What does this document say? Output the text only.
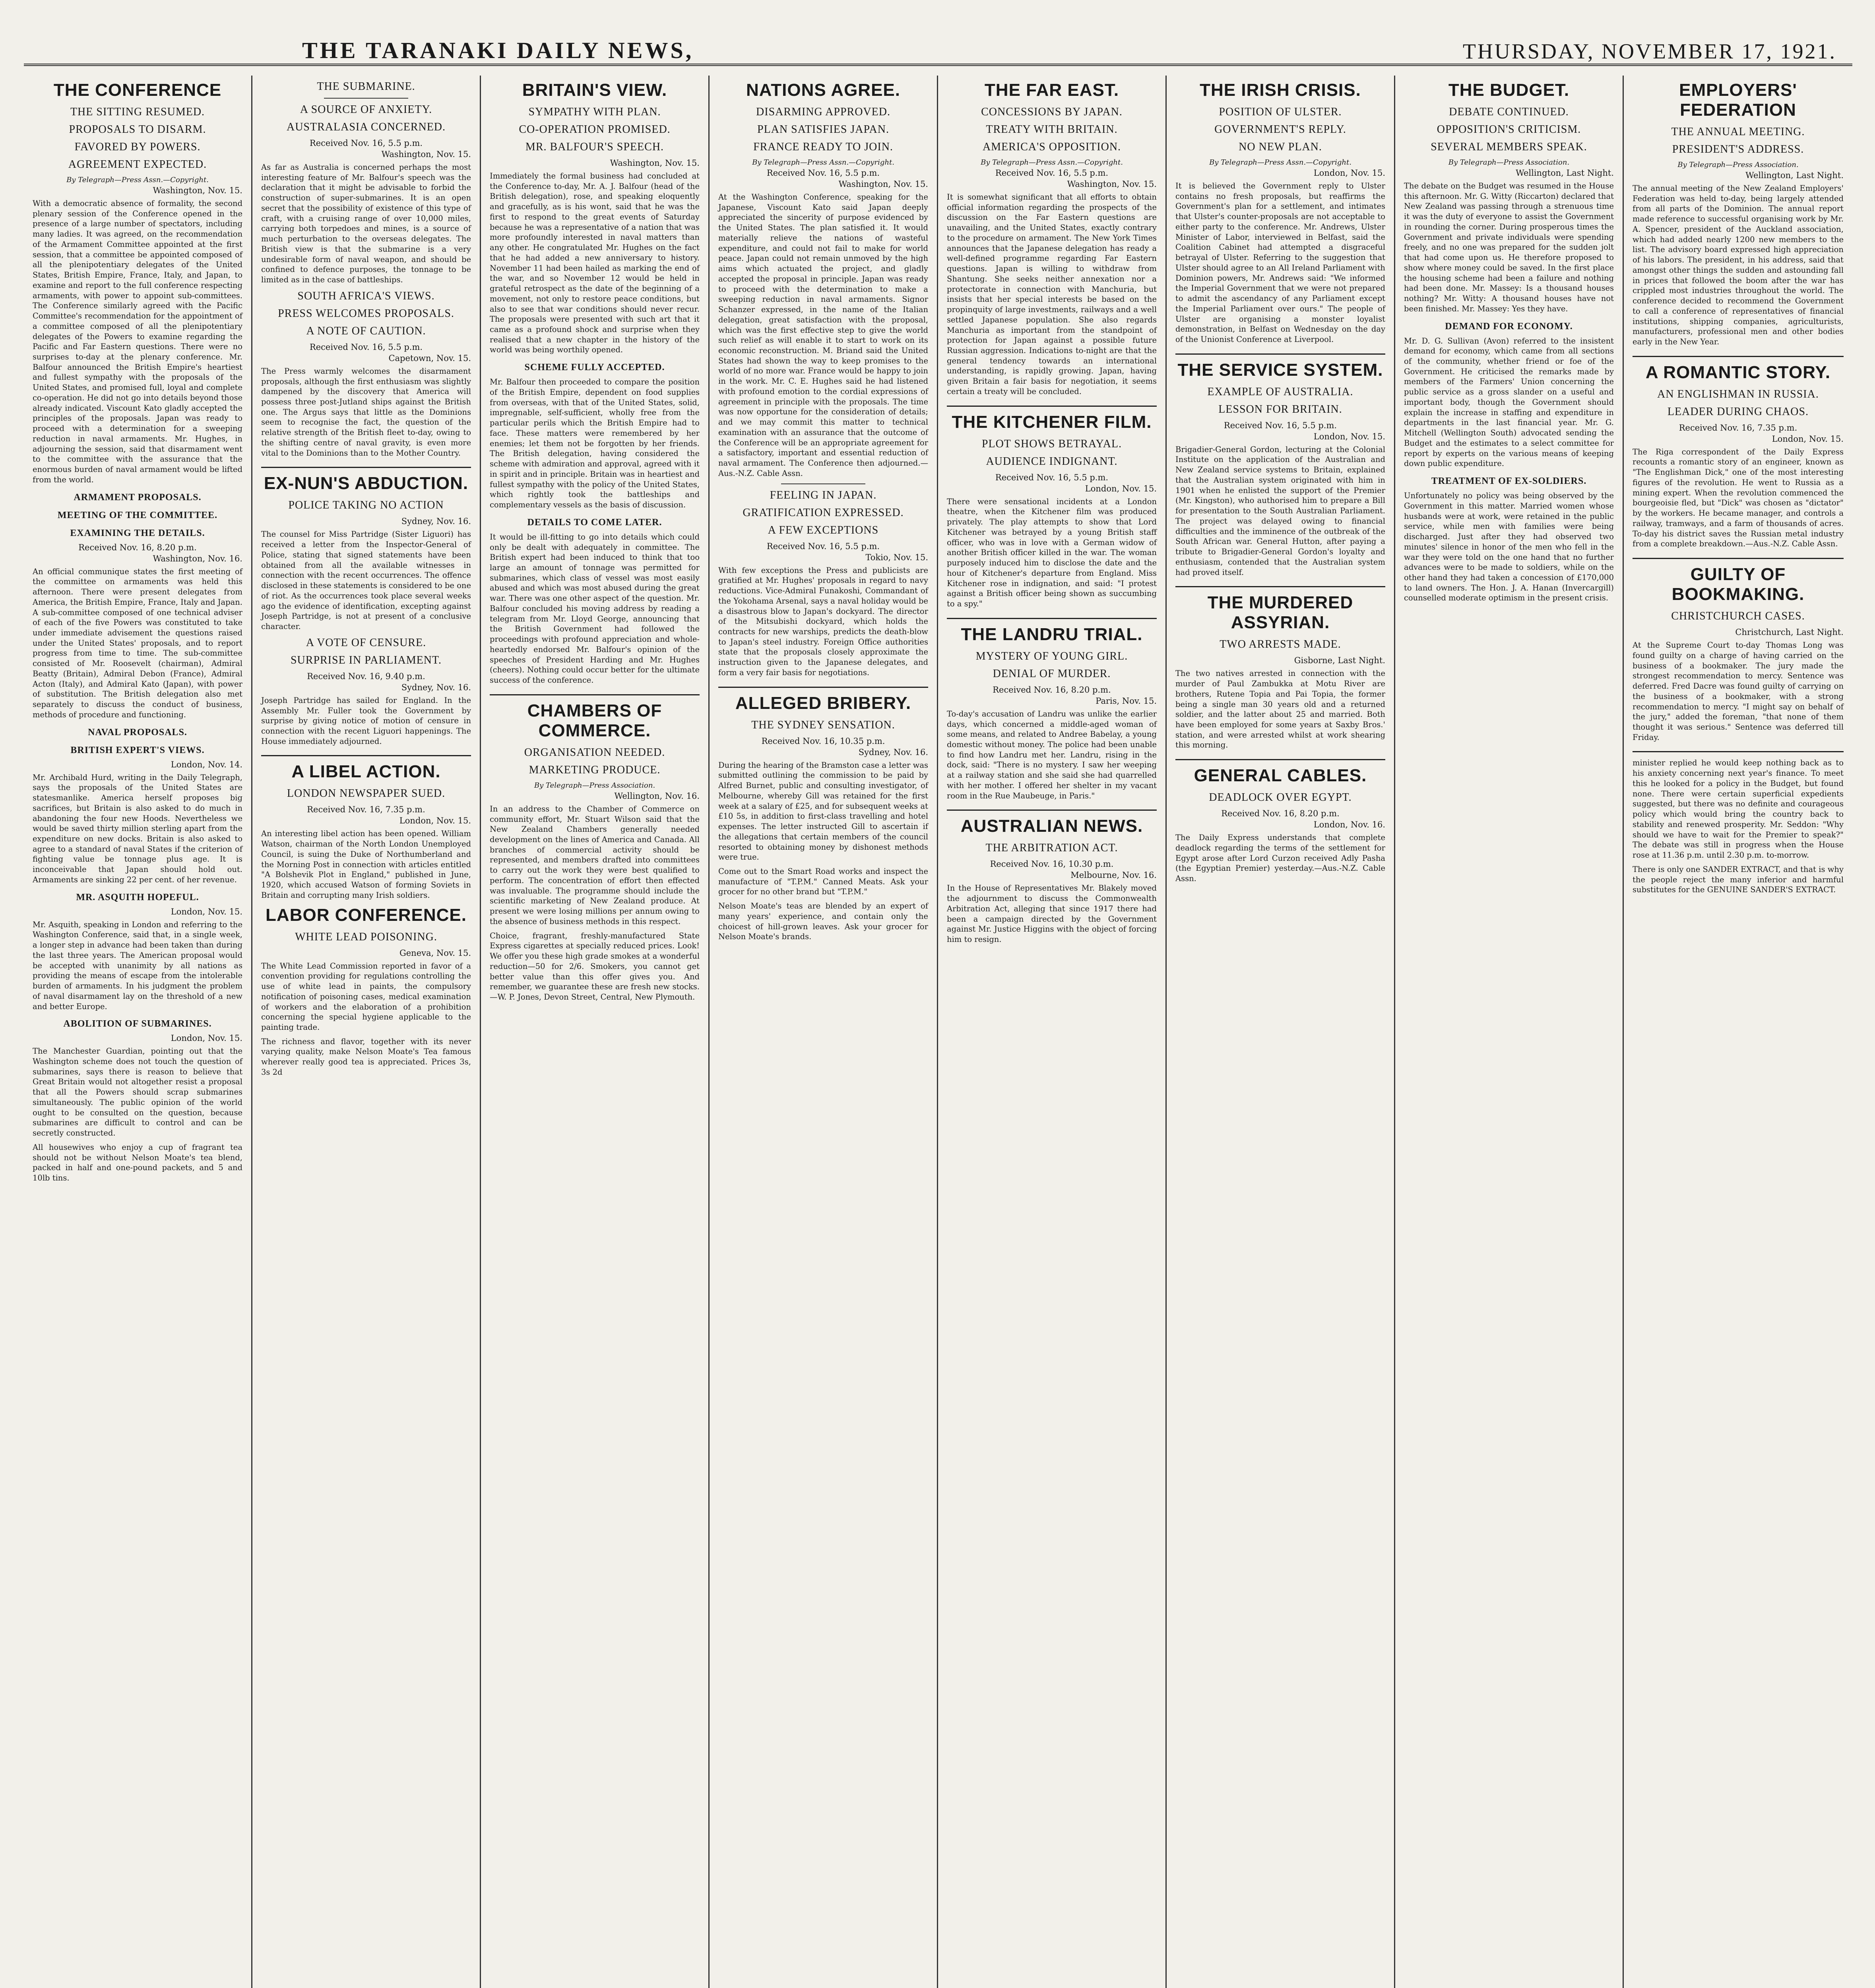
THE TARANAKI DAILY NEWS,	THURSDAY, NOVEMBER 17, 1921.
THE CONFERENCE
THE SITTING RESUMED.
PROPOSALS TO DISARM.
FAVORED BY POWERS.
AGREEMENT EXPECTED.
By Telegraph—Press Assn.—Copyright.
Washington, Nov. 15.

With a democratic absence of formality, the second plenary session of the Conference opened in the presence of a large number of spectators, including many ladies. It was agreed, on the recommendation of the Armament Committee appointed at the first session, that a committee be appointed composed of all the plenipotentiary delegates of the United States, British Empire, France, Italy, and Japan, to examine and report to the full conference respecting armaments, with power to appoint sub-committees. The Conference similarly agreed with the Pacific Committee's recommendation for the appointment of a committee composed of all the plenipotentiary delegates of the Powers to examine regarding the Pacific and Far Eastern questions. There were no surprises to-day at the plenary conference. Mr. Balfour announced the British Empire's heartiest and fullest sympathy with the proposals of the United States, and promised full, loyal and complete co-operation. He did not go into details beyond those already indicated. Viscount Kato gladly accepted the principles of the proposals. Japan was ready to proceed with a determination for a sweeping reduction in naval armaments. Mr. Hughes, in adjourning the session, said that disarmament went to the committee with the assurance that the enormous burden of naval armament would be lifted from the world.

ARMAMENT PROPOSALS.
MEETING OF THE COMMITTEE.
EXAMINING THE DETAILS.
Received Nov. 16, 8.20 p.m.
Washington, Nov. 16.

An official communique states the first meeting of the committee on armaments was held this afternoon. There were present delegates from America, the British Empire, France, Italy and Japan. A sub-committee composed of one technical adviser of each of the five Powers was constituted to take under immediate advisement the questions raised under the United States' proposals, and to report progress from time to time. The sub-committee consisted of Mr. Roosevelt (chairman), Admiral Beatty (Britain), Admiral Debon (France), Admiral Acton (Italy), and Admiral Kato (Japan), with power of substitution. The British delegation also met separately to discuss the conduct of business, methods of procedure and functioning.

NAVAL PROPOSALS.
BRITISH EXPERT'S VIEWS.
London, Nov. 14.

Mr. Archibald Hurd, writing in the Daily Telegraph, says the proposals of the United States are statesmanlike. America herself proposes big sacrifices, but Britain is also asked to do much in abandoning the four new Hoods. Nevertheless we would be saved thirty million sterling apart from the expenditure on new docks. Britain is also asked to agree to a standard of naval States if the criterion of fighting value be tonnage plus age. It is inconceivable that Japan should hold out. Armaments are sinking 22 per cent. of her revenue.

MR. ASQUITH HOPEFUL.
London, Nov. 15.

Mr. Asquith, speaking in London and referring to the Washington Conference, said that, in a single week, a longer step in advance had been taken than during the last three years. The American proposal would be accepted with unanimity by all nations as providing the means of escape from the intolerable burden of armaments. In his judgment the problem of naval disarmament lay on the threshold of a new and better Europe.

ABOLITION OF SUBMARINES.
London, Nov. 15.

The Manchester Guardian, pointing out that the Washington scheme does not touch the question of submarines, says there is reason to believe that Great Britain would not altogether resist a proposal that all the Powers should scrap submarines simultaneously. The public opinion of the world ought to be consulted on the question, because submarines are difficult to control and can be secretly constructed.

All housewives who enjoy a cup of fragrant tea should not be without Nelson Moate's tea blend, packed in half and one-pound packets, and 5 and 10lb tins.

THE SUBMARINE.
A SOURCE OF ANXIETY.
AUSTRALASIA CONCERNED.
Received Nov. 16, 5.5 p.m.
Washington, Nov. 15.

As far as Australia is concerned perhaps the most interesting feature of Mr. Balfour's speech was the declaration that it might be advisable to forbid the construction of super-submarines. It is an open secret that the possibility of existence of this type of craft, with a cruising range of over 10,000 miles, carrying both torpedoes and mines, is a source of much perturbation to the overseas delegates. The British view is that the submarine is a very undesirable form of naval weapon, and should be confined to defence purposes, the tonnage to be limited as in the case of battleships.

SOUTH AFRICA'S VIEWS.
PRESS WELCOMES PROPOSALS.
A NOTE OF CAUTION.
Received Nov. 16, 5.5 p.m.
Capetown, Nov. 15.

The Press warmly welcomes the disarmament proposals, although the first enthusiasm was slightly dampened by the discovery that America will possess three post-Jutland ships against the British one. The Argus says that little as the Dominions seem to recognise the fact, the question of the relative strength of the British fleet to-day, owing to the shifting centre of naval gravity, is even more vital to the Dominions than to the Mother Country.

EX-NUN'S ABDUCTION.
POLICE TAKING NO ACTION
Sydney, Nov. 16.

The counsel for Miss Partridge (Sister Liguori) has received a letter from the Inspector-General of Police, stating that signed statements have been obtained from all the available witnesses in connection with the recent occurrences. The offence disclosed in these statements is considered to be one of riot. As the occurrences took place several weeks ago the evidence of identification, excepting against Joseph Partridge, is not at present of a conclusive character.

A VOTE OF CENSURE.
SURPRISE IN PARLIAMENT.
Received Nov. 16, 9.40 p.m.
Sydney, Nov. 16.

Joseph Partridge has sailed for England. In the Assembly Mr. Fuller took the Government by surprise by giving notice of motion of censure in connection with the recent Liguori happenings. The House immediately adjourned.

A LIBEL ACTION.
LONDON NEWSPAPER SUED.
Received Nov. 16, 7.35 p.m.
London, Nov. 15.

An interesting libel action has been opened. William Watson, chairman of the North London Unemployed Council, is suing the Duke of Northumberland and the Morning Post in connection with articles entitled "A Bolshevik Plot in England," published in June, 1920, which accused Watson of forming Soviets in Britain and corrupting many Irish soldiers.

LABOR CONFERENCE.
WHITE LEAD POISONING.
Geneva, Nov. 15.

The White Lead Commission reported in favor of a convention providing for regulations controlling the use of white lead in paints, the compulsory notification of poisoning cases, medical examination of workers and the elaboration of a prohibition concerning the special hygiene applicable to the painting trade.

The richness and flavor, together with its never varying quality, make Nelson Moate's Tea famous wherever really good tea is appreciated. Prices 3s, 3s 2d

BRITAIN'S VIEW.
SYMPATHY WITH PLAN.
CO-OPERATION PROMISED.
MR. BALFOUR'S SPEECH.
Washington, Nov. 15.

Immediately the formal business had concluded at the Conference to-day, Mr. A. J. Balfour (head of the British delegation), rose, and speaking eloquently and gracefully, as is his wont, said that he was the first to respond to the great events of Saturday because he was a representative of a nation that was more profoundly interested in naval matters than any other. He congratulated Mr. Hughes on the fact that he had added a new anniversary to history. November 11 had been hailed as marking the end of the war, and so November 12 would be held in grateful retrospect as the date of the beginning of a movement, not only to restore peace conditions, but also to see that war conditions should never recur. The proposals were presented with such art that it came as a profound shock and surprise when they realised that a new chapter in the history of the world was being worthily opened.

SCHEME FULLY ACCEPTED.

Mr. Balfour then proceeded to compare the position of the British Empire, dependent on food supplies from overseas, with that of the United States, solid, impregnable, self-sufficient, wholly free from the particular perils which the British Empire had to face. These matters were remembered by her enemies; let them not be forgotten by her friends. The British delegation, having considered the scheme with admiration and approval, agreed with it in spirit and in principle. Britain was in heartiest and fullest sympathy with the policy of the United States, which rightly took the battleships and complementary vessels as the basis of discussion.

DETAILS TO COME LATER.

It would be ill-fitting to go into details which could only be dealt with adequately in committee. The British expert had been induced to think that too large an amount of tonnage was permitted for submarines, which class of vessel was most easily abused and which was most abused during the great war. There was one other aspect of the question. Mr. Balfour concluded his moving address by reading a telegram from Mr. Lloyd George, announcing that the British Government had followed the proceedings with profound appreciation and whole-heartedly endorsed Mr. Balfour's opinion of the speeches of President Harding and Mr. Hughes (cheers). Nothing could occur better for the ultimate success of the conference.

CHAMBERS OF COMMERCE.
ORGANISATION NEEDED.
MARKETING PRODUCE.
By Telegraph—Press Association.
Wellington, Nov. 16.

In an address to the Chamber of Commerce on community effort, Mr. Stuart Wilson said that the New Zealand Chambers generally needed development on the lines of America and Canada. All branches of commercial activity should be represented, and members drafted into committees to carry out the work they were best qualified to perform. The concentration of effort then effected was invaluable. The programme should include the scientific marketing of New Zealand produce. At present we were losing millions per annum owing to the absence of business methods in this respect.

Choice, fragrant, freshly-manufactured State Express cigarettes at specially reduced prices. Look! We offer you these high grade smokes at a wonderful reduction—50 for 2/6. Smokers, you cannot get better value than this offer gives you. And remember, we guarantee these are fresh new stocks.—W. P. Jones, Devon Street, Central, New Plymouth.

NATIONS AGREE.
DISARMING APPROVED.
PLAN SATISFIES JAPAN.
FRANCE READY TO JOIN.
By Telegraph—Press Assn.—Copyright.
Received Nov. 16, 5.5 p.m.
Washington, Nov. 15.

At the Washington Conference, speaking for the Japanese, Viscount Kato said Japan deeply appreciated the sincerity of purpose evidenced by the United States. The plan satisfied it. It would materially relieve the nations of wasteful expenditure, and could not fail to make for world peace. Japan could not remain unmoved by the high aims which actuated the project, and gladly accepted the proposal in principle. Japan was ready to proceed with the determination to make a sweeping reduction in naval armaments. Signor Schanzer expressed, in the name of the Italian delegation, great satisfaction with the proposal, which was the first effective step to give the world such relief as will enable it to start to work on its economic reconstruction. M. Briand said the United States had shown the way to keep promises to the world of no more war. France would be happy to join in the work. Mr. C. E. Hughes said he had listened with profound emotion to the cordial expressions of agreement in principle with the proposals. The time was now opportune for the consideration of details; and we may commit this matter to technical examination with an assurance that the outcome of the Conference will be an appropriate agreement for a satisfactory, important and essential reduction of naval armament. The Conference then adjourned.—Aus.-N.Z. Cable Assn.

FEELING IN JAPAN.
GRATIFICATION EXPRESSED.
A FEW EXCEPTIONS
Received Nov. 16, 5.5 p.m.
Tokio, Nov. 15.

With few exceptions the Press and publicists are gratified at Mr. Hughes' proposals in regard to navy reductions. Vice-Admiral Funakoshi, Commandant of the Yokohama Arsenal, says a naval holiday would be a disastrous blow to Japan's dockyard. The director of the Mitsubishi dockyard, which holds the contracts for new warships, predicts the death-blow to Japan's steel industry. Foreign Office authorities state that the proposals closely approximate the instruction given to the Japanese delegates, and form a very fair basis for negotiations.

ALLEGED BRIBERY.
THE SYDNEY SENSATION.
Received Nov. 16, 10.35 p.m.
Sydney, Nov. 16.

During the hearing of the Bramston case a letter was submitted outlining the commission to be paid by Alfred Burnet, public and consulting investigator, of Melbourne, whereby Gill was retained for the first week at a salary of £25, and for subsequent weeks at £10 5s, in addition to first-class travelling and hotel expenses. The letter instructed Gill to ascertain if the allegations that certain members of the council resorted to obtaining money by dishonest methods were true.

Come out to the Smart Road works and inspect the manufacture of "T.P.M." Canned Meats. Ask your grocer for no other brand but "T.P.M."

Nelson Moate's teas are blended by an expert of many years' experience, and contain only the choicest of hill-grown leaves. Ask your grocer for Nelson Moate's brands.

THE FAR EAST.
CONCESSIONS BY JAPAN.
TREATY WITH BRITAIN.
AMERICA'S OPPOSITION.
By Telegraph—Press Assn.—Copyright.
Received Nov. 16, 5.5 p.m.
Washington, Nov. 15.

It is somewhat significant that all efforts to obtain official information regarding the prospects of the discussion on the Far Eastern questions are unavailing, and the United States, exactly contrary to the procedure on armament. The New York Times announces that the Japanese delegation has ready a well-defined programme regarding Far Eastern questions. Japan is willing to withdraw from Shantung. She seeks neither annexation nor a protectorate in connection with Manchuria, but insists that her special interests be based on the propinquity of large investments, railways and a well settled Japanese population. She also regards Manchuria as important from the standpoint of protection for Japan against a possible future Russian aggression. Indications to-night are that the general tendency towards an international understanding, is rapidly growing. Japan, having given Britain a fair basis for negotiation, it seems certain a treaty will be concluded.

THE KITCHENER FILM.
PLOT SHOWS BETRAYAL.
AUDIENCE INDIGNANT.
Received Nov. 16, 5.5 p.m.
London, Nov. 15.

There were sensational incidents at a London theatre, when the Kitchener film was produced privately. The play attempts to show that Lord Kitchener was betrayed by a young British staff officer, who was in love with a German widow of another British officer killed in the war. The woman purposely induced him to disclose the date and the hour of Kitchener's departure from England. Miss Kitchener rose in indignation, and said: "I protest against a British officer being shown as succumbing to a spy."

THE LANDRU TRIAL.
MYSTERY OF YOUNG GIRL.
DENIAL OF MURDER.
Received Nov. 16, 8.20 p.m.
Paris, Nov. 15.

To-day's accusation of Landru was unlike the earlier days, which concerned a middle-aged woman of some means, and related to Andree Babelay, a young domestic without money. The police had been unable to find how Landru met her. Landru, rising in the dock, said: "There is no mystery. I saw her weeping at a railway station and she said she had quarrelled with her mother. I offered her shelter in my vacant room in the Rue Maubeuge, in Paris."

AUSTRALIAN NEWS.
THE ARBITRATION ACT.
Received Nov. 16, 10.30 p.m.
Melbourne, Nov. 16.

In the House of Representatives Mr. Blakely moved the adjournment to discuss the Commonwealth Arbitration Act, alleging that since 1917 there had been a campaign directed by the Government against Mr. Justice Higgins with the object of forcing him to resign.

THE IRISH CRISIS.
POSITION OF ULSTER.
GOVERNMENT'S REPLY.
NO NEW PLAN.
By Telegraph—Press Assn.—Copyright.
London, Nov. 15.

It is believed the Government reply to Ulster contains no fresh proposals, but reaffirms the Government's plan for a settlement, and intimates that Ulster's counter-proposals are not acceptable to either party to the conference. Mr. Andrews, Ulster Minister of Labor, interviewed in Belfast, said the Coalition Cabinet had attempted a disgraceful betrayal of Ulster. Referring to the suggestion that Ulster should agree to an All Ireland Parliament with Dominion powers, Mr. Andrews said: "We informed the Imperial Government that we were not prepared to admit the ascendancy of any Parliament except the Imperial Parliament over ours." The people of Ulster are organising a monster loyalist demonstration, in Belfast on Wednesday on the day of the Unionist Conference at Liverpool.

THE SERVICE SYSTEM.
EXAMPLE OF AUSTRALIA.
LESSON FOR BRITAIN.
Received Nov. 16, 5.5 p.m.
London, Nov. 15.

Brigadier-General Gordon, lecturing at the Colonial Institute on the application of the Australian and New Zealand service systems to Britain, explained that the Australian system originated with him in 1901 when he enlisted the support of the Premier (Mr. Kingston), who authorised him to prepare a Bill for presentation to the South Australian Parliament. The project was delayed owing to financial difficulties and the imminence of the outbreak of the South African war. General Hutton, after paying a tribute to Brigadier-General Gordon's loyalty and enthusiasm, contended that the Australian system had proved itself.

THE MURDERED ASSYRIAN.
TWO ARRESTS MADE.
Gisborne, Last Night.

The two natives arrested in connection with the murder of Paul Zambukka at Motu River are brothers, Rutene Topia and Pai Topia, the former being a single man 30 years old and a returned soldier, and the latter about 25 and married. Both have been employed for some years at Saxby Bros.' station, and were arrested whilst at work shearing this morning.

GENERAL CABLES.
DEADLOCK OVER EGYPT.
Received Nov. 16, 8.20 p.m.
London, Nov. 16.

The Daily Express understands that complete deadlock regarding the terms of the settlement for Egypt arose after Lord Curzon received Adly Pasha (the Egyptian Premier) yesterday.—Aus.-N.Z. Cable Assn.

THE BUDGET.
DEBATE CONTINUED.
OPPOSITION'S CRITICISM.
SEVERAL MEMBERS SPEAK.
By Telegraph—Press Association.
Wellington, Last Night.

The debate on the Budget was resumed in the House this afternoon. Mr. G. Witty (Riccarton) declared that New Zealand was passing through a strenuous time it was the duty of everyone to assist the Government in rounding the corner. During prosperous times the Government and private individuals were spending freely, and no one was prepared for the sudden jolt that had come upon us. He therefore proposed to show where money could be saved. In the first place the housing scheme had been a failure and nothing had been done. Mr. Massey: Is a thousand houses nothing? Mr. Witty: A thousand houses have not been finished. Mr. Massey: Yes they have.

DEMAND FOR ECONOMY.

Mr. D. G. Sullivan (Avon) referred to the insistent demand for economy, which came from all sections of the community, whether friend or foe of the Government. He criticised the remarks made by members of the Farmers' Union concerning the public service as a gross slander on a useful and important body, though the Government should explain the increase in staffing and expenditure in departments in the last financial year. Mr. G. Mitchell (Wellington South) advocated sending the Budget and the estimates to a select committee for report by experts on the various means of keeping down public expenditure.

TREATMENT OF EX-SOLDIERS.

Unfortunately no policy was being observed by the Government in this matter. Married women whose husbands were at work, were retained in the public service, while men with families were being discharged. Just after they had observed two minutes' silence in honor of the men who fell in the war they were told on the one hand that no further advances were to be made to soldiers, while on the other hand they had taken a concession of £170,000 to land owners. The Hon. J. A. Hanan (Invercargill) counselled moderate optimism in the present crisis.

EMPLOYERS' FEDERATION
THE ANNUAL MEETING.
PRESIDENT'S ADDRESS.
By Telegraph—Press Association.
Wellington, Last Night.

The annual meeting of the New Zealand Employers' Federation was held to-day, being largely attended from all parts of the Dominion. The annual report made reference to successful organising work by Mr. A. Spencer, president of the Auckland association, which had added nearly 1200 new members to the list. The advisory board expressed high appreciation of his labors. The president, in his address, said that amongst other things the sudden and astounding fall in prices that followed the boom after the war has crippled most industries throughout the world. The conference decided to recommend the Government to call a conference of representatives of financial institutions, shipping companies, agriculturists, manufacturers, professional men and other bodies early in the New Year.

A ROMANTIC STORY.
AN ENGLISHMAN IN RUSSIA.
LEADER DURING CHAOS.
Received Nov. 16, 7.35 p.m.
London, Nov. 15.

The Riga correspondent of the Daily Express recounts a romantic story of an engineer, known as "The Englishman Dick," one of the most interesting figures of the revolution. He went to Russia as a mining expert. When the revolution commenced the bourgeoisie fled, but "Dick" was chosen as "dictator" by the workers. He became manager, and controls a railway, tramways, and a farm of thousands of acres. To-day his district saves the Russian metal industry from a complete breakdown.—Aus.-N.Z. Cable Assn.

GUILTY OF BOOKMAKING.
CHRISTCHURCH CASES.
Christchurch, Last Night.

At the Supreme Court to-day Thomas Long was found guilty on a charge of having carried on the business of a bookmaker. The jury made the strongest recommendation to mercy. Sentence was deferred. Fred Dacre was found guilty of carrying on the business of a bookmaker, with a strong recommendation to mercy. "I might say on behalf of the jury," added the foreman, "that none of them thought it was serious." Sentence was deferred till Friday.

minister replied he would keep nothing back as to his anxiety concerning next year's finance. To meet this he looked for a policy in the Budget, but found none. There were certain superficial expedients suggested, but there was no definite and courageous policy which would bring the country back to stability and renewed prosperity. Mr. Seddon: "Why should we have to wait for the Premier to speak?" The debate was still in progress when the House rose at 11.36 p.m. until 2.30 p.m. to-morrow.

There is only one SANDER EXTRACT, and that is why the people reject the many inferior and harmful substitutes for the GENUINE SANDER'S EXTRACT.
